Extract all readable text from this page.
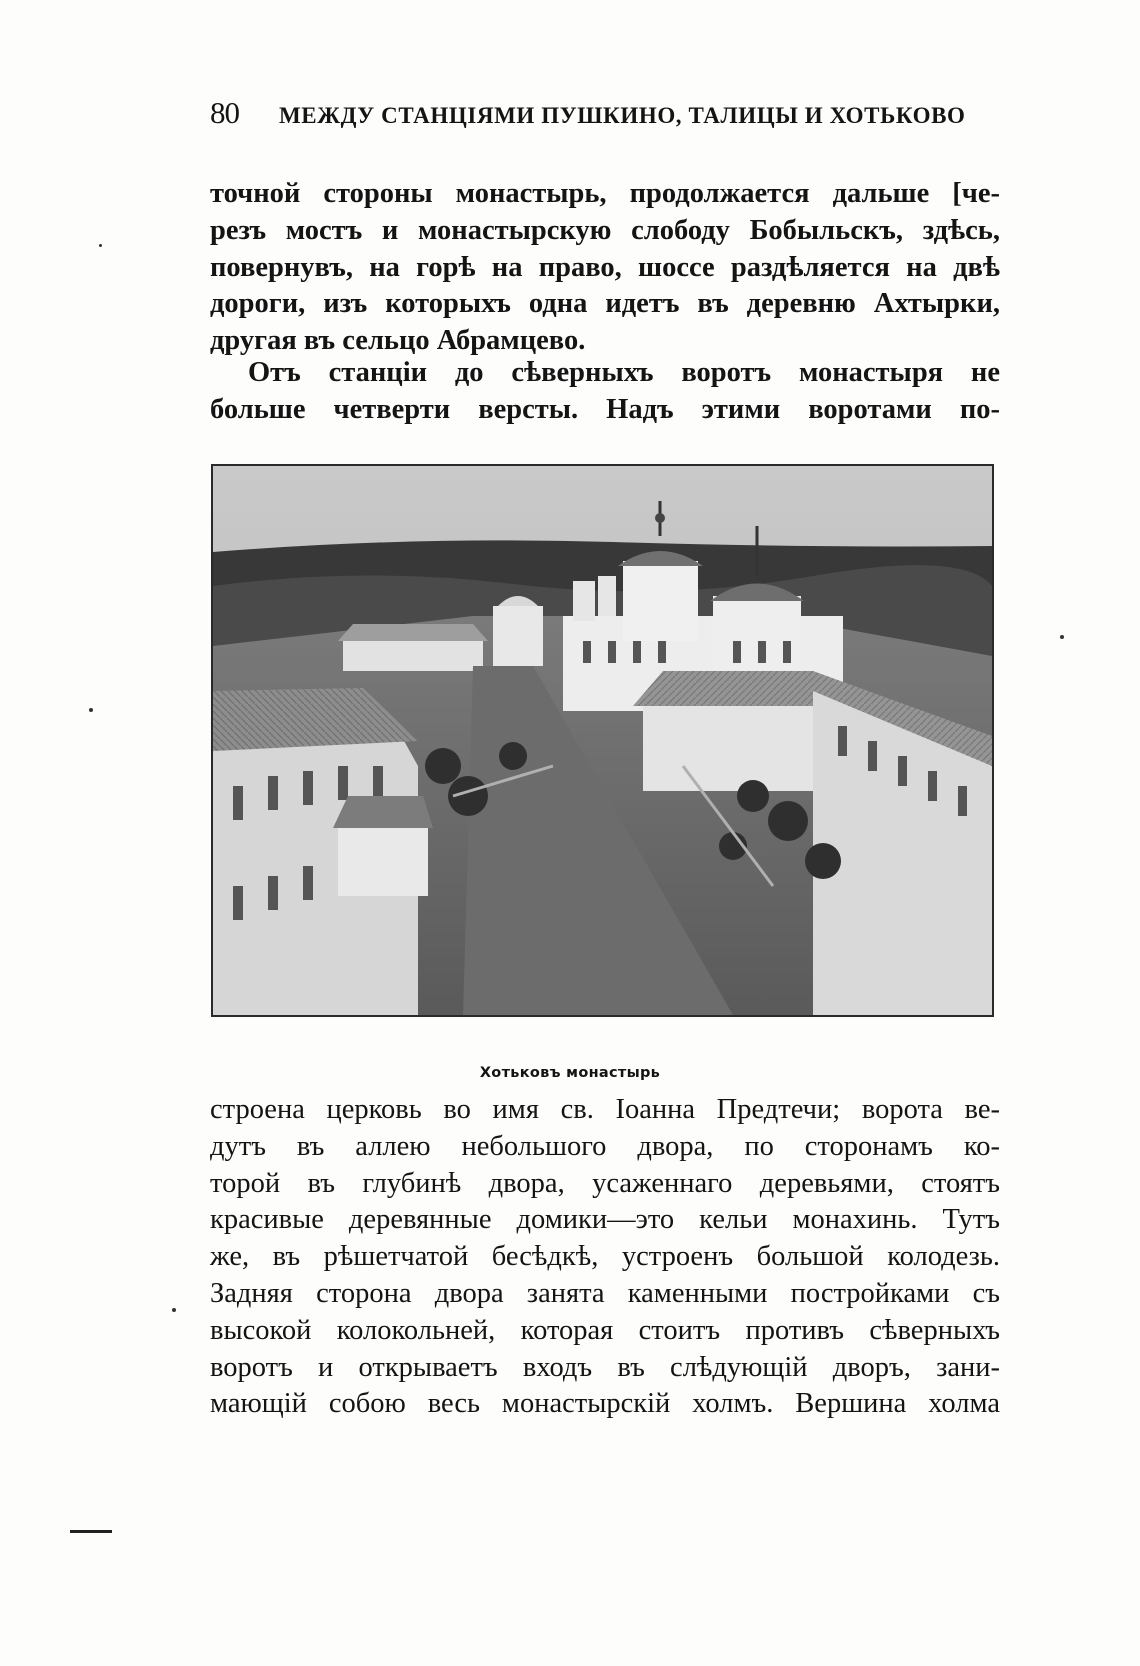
80 МЕЖДУ СТАНЦІЯМИ ПУШКИНО, ТАЛИЦЫ И ХОТЬКОВО

точной стороны монастырь, продолжается дальше [че-

резъ мостъ и монастырскую слободу Бобыльскъ, здѣсь,

повернувъ, на горѣ на право, шоссе раздѣляется на двѣ

дороги, изъ которыхъ одна идетъ въ деревню Ахтырки,

другая въ сельцо Абрамцево.

Отъ станціи до сѣверныхъ воротъ монастыря не

больше четверти версты. Надъ этими воротами по-

Хотьковъ монастырь

строена церковь во имя св. Іоанна Предтечи; ворота ве-

дутъ въ аллею небольшого двора, по сторонамъ ко-

торой въ глубинѣ двора, усаженнаго деревьями, стоятъ

красивые деревянные домики—это кельи монахинь. Тутъ

же, въ рѣшетчатой бесѣдкѣ, устроенъ большой колодезь.

Задняя сторона двора занята каменными постройками съ

высокой колокольней, которая стоитъ противъ сѣверныхъ

воротъ и открываетъ входъ въ слѣдующій дворъ, зани-

мающій собою весь монастырскій холмъ. Вершина холма
